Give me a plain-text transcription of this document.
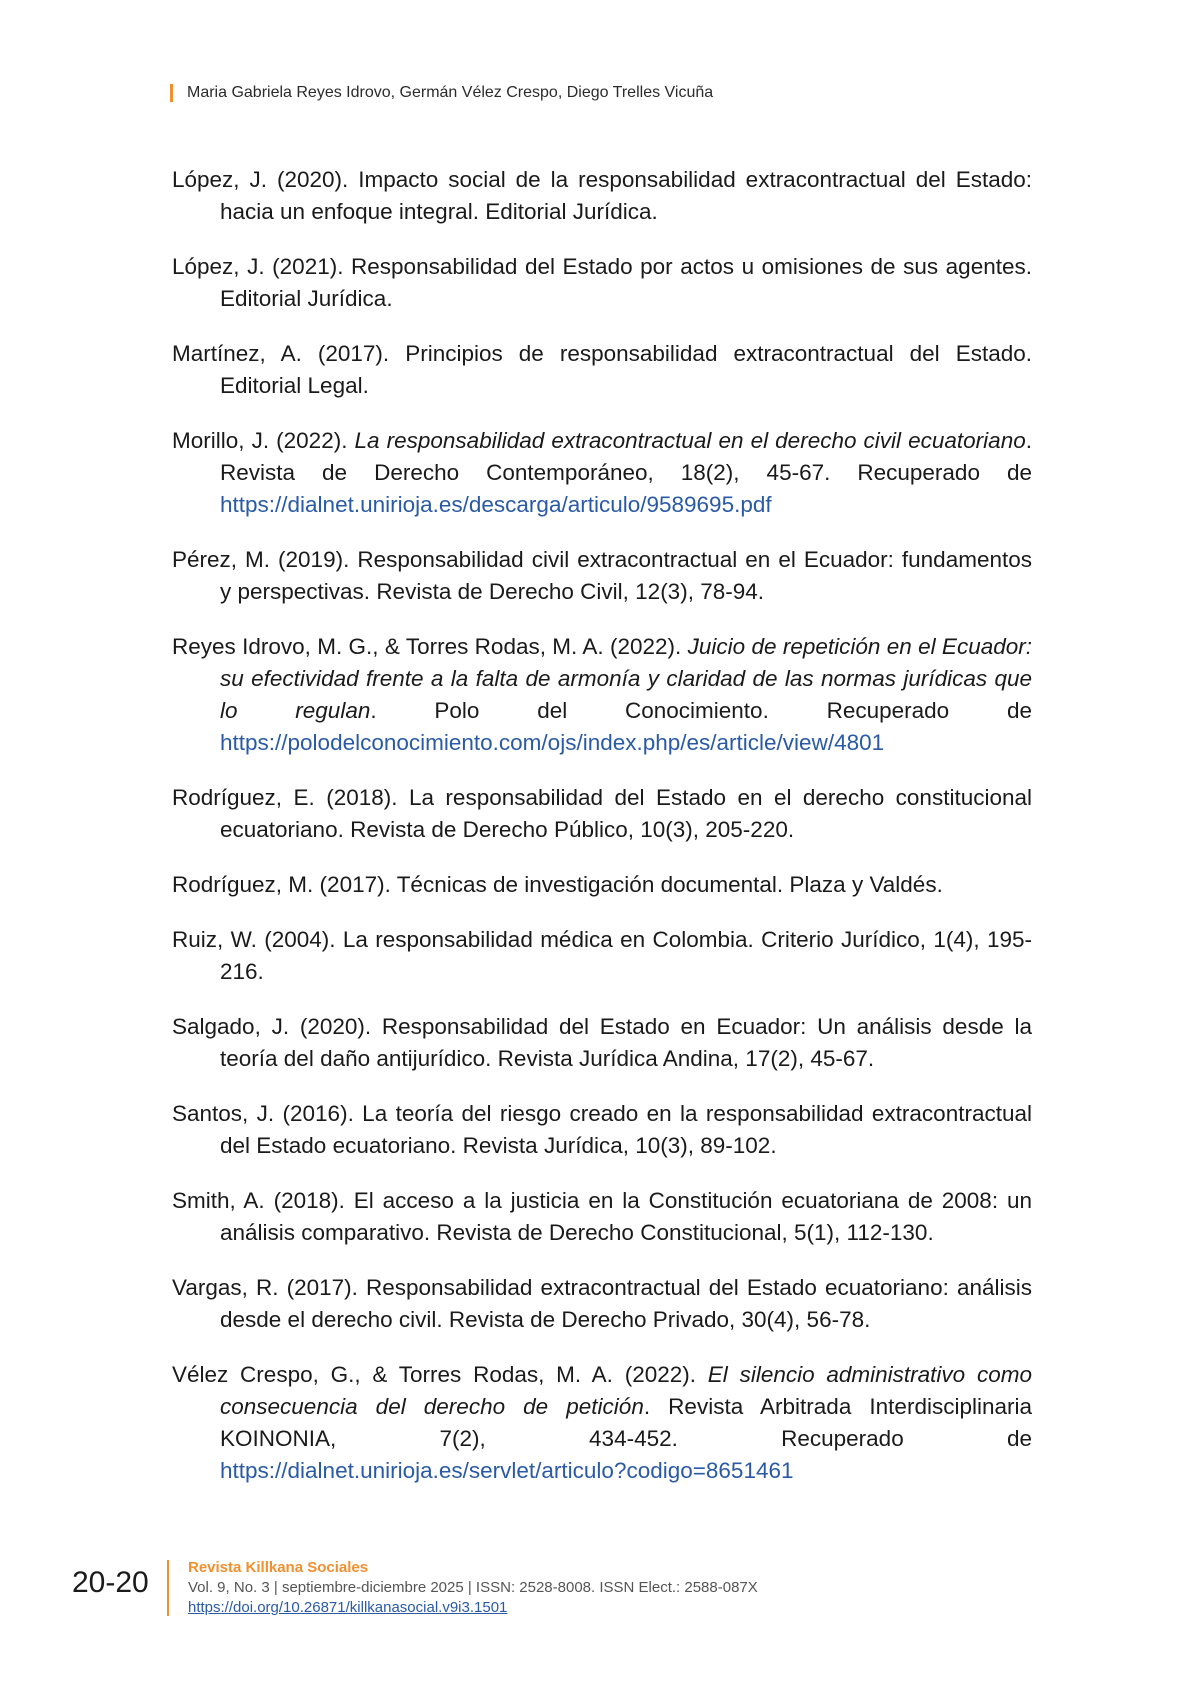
Maria Gabriela Reyes Idrovo, Germán Vélez Crespo, Diego Trelles Vicuña

López, J. (2020). Impacto social de la responsabilidad extracontractual del Estado: hacia un enfoque integral. Editorial Jurídica.

López, J. (2021). Responsabilidad del Estado por actos u omisiones de sus agentes. Editorial Jurídica.

Martínez, A. (2017). Principios de responsabilidad extracontractual del Estado. Editorial Legal.

Morillo, J. (2022). La responsabilidad extracontractual en el derecho civil ecuatoriano. Revista de Derecho Contemporáneo, 18(2), 45-67. Recuperado de https://dialnet.unirioja.es/descarga/articulo/9589695.pdf

Pérez, M. (2019). Responsabilidad civil extracontractual en el Ecuador: fundamentos y perspectivas. Revista de Derecho Civil, 12(3), 78-94.

Reyes Idrovo, M. G., & Torres Rodas, M. A. (2022). Juicio de repetición en el Ecuador: su efectividad frente a la falta de armonía y claridad de las normas jurídicas que lo regulan. Polo del Conocimiento. Recuperado de https://polodelconocimiento.com/ojs/index.php/es/article/view/4801

Rodríguez, E. (2018). La responsabilidad del Estado en el derecho constitucional ecuatoriano. Revista de Derecho Público, 10(3), 205-220.

Rodríguez, M. (2017). Técnicas de investigación documental. Plaza y Valdés.

Ruiz, W. (2004). La responsabilidad médica en Colombia. Criterio Jurídico, 1(4), 195-216.

Salgado, J. (2020). Responsabilidad del Estado en Ecuador: Un análisis desde la teoría del daño antijurídico. Revista Jurídica Andina, 17(2), 45-67.

Santos, J. (2016). La teoría del riesgo creado en la responsabilidad extracontractual del Estado ecuatoriano. Revista Jurídica, 10(3), 89-102.

Smith, A. (2018). El acceso a la justicia en la Constitución ecuatoriana de 2008: un análisis comparativo. Revista de Derecho Constitucional, 5(1), 112-130.

Vargas, R. (2017). Responsabilidad extracontractual del Estado ecuatoriano: análisis desde el derecho civil. Revista de Derecho Privado, 30(4), 56-78.

Vélez Crespo, G., & Torres Rodas, M. A. (2022). El silencio administrativo como consecuencia del derecho de petición. Revista Arbitrada Interdisciplinaria KOINONIA, 7(2), 434-452. Recuperado de https://dialnet.unirioja.es/servlet/articulo?codigo=8651461

20-20	Revista Killkana Sociales
Vol. 9, No. 3 | septiembre-diciembre 2025 | ISSN: 2528-8008. ISSN Elect.: 2588-087X
https://doi.org/10.26871/killkanasocial.v9i3.1501
